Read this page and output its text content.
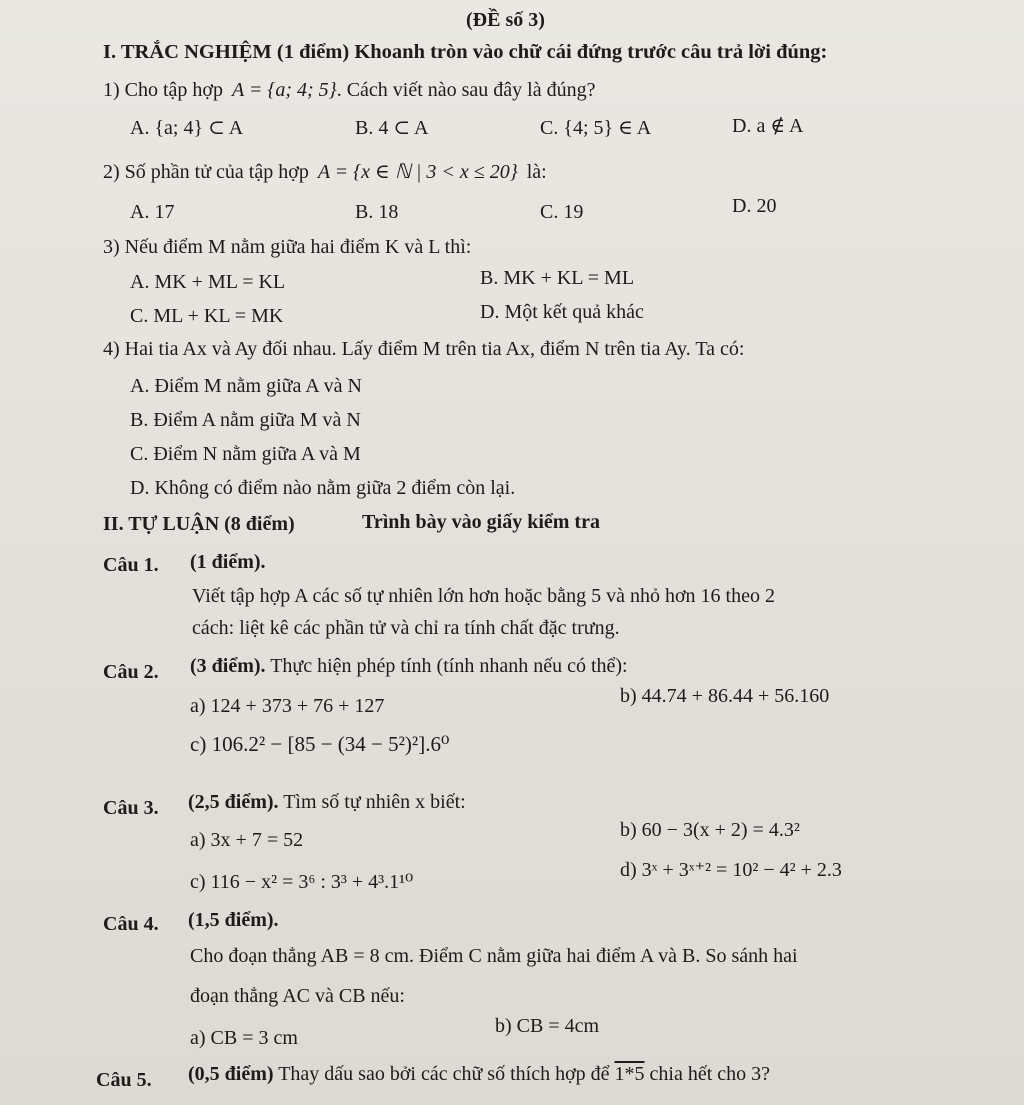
(ĐỀ số 3)
I. TRẮC NGHIỆM (1 điểm) Khoanh tròn vào chữ cái đứng trước câu trả lời đúng:
1) Cho tập hợp A = {a; 4; 5}. Cách viết nào sau đây là đúng?
A. {a; 4} ⊂ A	B. 4 ⊂ A	C. {4; 5} ∈ A	D. a ∉ A
2) Số phần tử của tập hợp A = {x ∈ ℕ | 3 < x ≤ 20} là:
A. 17	B. 18	C. 19	D. 20
3) Nếu điểm M nằm giữa hai điểm K và L thì:
A. MK + ML = KL	B. MK + KL = ML
C. ML + KL = MK	D. Một kết quả khác
4) Hai tia Ax và Ay đối nhau. Lấy điểm M trên tia Ax, điểm N trên tia Ay. Ta có:
A. Điểm M nằm giữa A và N
B. Điểm A nằm giữa M và N
C. Điểm N nằm giữa A và M
D. Không có điểm nào nằm giữa 2 điểm còn lại.
II. TỰ LUẬN (8 điểm)	Trình bày vào giấy kiểm tra
Câu 1. (1 điểm).
Viết tập hợp A các số tự nhiên lớn hơn hoặc bằng 5 và nhỏ hơn 16 theo 2
cách: liệt kê các phần tử và chỉ ra tính chất đặc trưng.
Câu 2. (3 điểm). Thực hiện phép tính (tính nhanh nếu có thể):
a) 124 + 373 + 76 + 127	b) 44.74 + 86.44 + 56.160
c) 106.2² − [85 − (34 − 5²)²].6⁰
Câu 3. (2,5 điểm). Tìm số tự nhiên x biết:
a) 3x + 7 = 52	b) 60 − 3(x + 2) = 4.3²
c) 116 − x² = 3⁶ : 3³ + 4³.1¹⁰
d) 3ˣ + 3ˣ⁺² = 10² − 4² + 2.3
Câu 4. (1,5 điểm).
Cho đoạn thẳng AB = 8 cm. Điểm C nằm giữa hai điểm A và B. So sánh hai
đoạn thẳng AC và CB nếu:
a) CB = 3 cm
b) CB = 4cm
Câu 5. (0,5 điểm) Thay dấu sao bởi các chữ số thích hợp để 1*5 chia hết cho 3?
